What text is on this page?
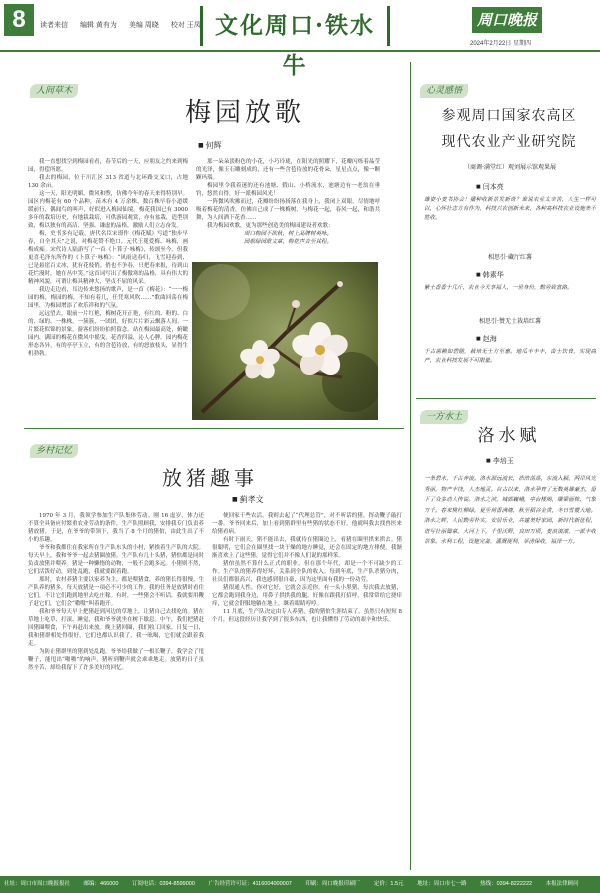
8	读者来信 编辑 黄有为 美编 周晓 校对 王凤 文化周口·铁水牛
周口晚报
2024年2月22日 星期四
人间草木
梅园放歌
■ 何辉

我一直想找空到梅园看看，春节后的一天，应朋友之约来到梅园，得偿所愿。

我去的梅园，位于川汇区 313 省道与北环路交叉口，占地 130 余亩。

这一天，阳光明媚，微风和煦，仿佛今年的春天来得特别早。园区内梅花有 60 个品种，苗木有 4 万余株，数百株早春小道缓缓前行，偶闻鸟的叫声，好似进入梅园仙境。梅花我国已有 3000 多年的栽培历史，有地栽栽培，可供游园观赏，亦有盆栽，造型别致，梅以独有的高洁、坚强、谦虚的品格，激励人们立志奋发。

梅，史书多有记载。唐代名臣宋璟作《梅花赋》写道“独步早春，自全其天”之说，对梅花赞不绝口。元代王冕爱梅、咏梅，画梅成痴。宋代诗人陆游写了一首《卜算子·咏梅》，传颂至今。但我更喜毛泽东所作的《卜算子·咏梅》：“风雨送春归，飞雪迎春到，已是悬崖百丈冰，犹有花枝俏。俏也不争春，只把春来报，待到山花烂漫时，她在丛中笑。”这首词写出了梅傲寒的品格，具有伟大的精神风貌，可谓让梅具精神大，坚贞不屈的风采。

我边走边看，耳边传来悠扬的歌声，是一首《梅花》：“一一梅园的梅，梅园的梅，不知有着几，任凭寒风吹……”歌曲回荡在梅园里，为梅园增添了欢乐祥和的气氛。

远远望去，眼前一片红艳，梅树花开正艳，有红的、粉的、白的、绿的，一株株，一簇簇，一团团，好似片片彩云飘落人间。一片繁花似锦的景象，游客们纷纷拍照留念。站在梅园最高处，俯瞰园内，满园的梅花在微风中摇曳，花香四溢，沁人心脾。园内梅花形态各异，有的亭亭玉立，有的含苞待放，有的怒放枝头，显得生机勃勃。

那一朵朵淡粉色的小花，小巧玲珑，在阳光的照耀下，花瓣闪烁着晶莹的光泽，像玉石雕刻成的，还有一些含苞待放的花骨朵，星星点点，像一颗颗玛瑙。

梅园里令我着迷的还有池塘、假山、小桥流水，池塘边有一老翁在垂钓，悠然自得，好一派梅园风光！

一阵微风吹拂而过，花瓣纷纷扬扬落在我身上，我闭上双眼，尽情地呼吸着梅花的清香，仿佛自己成了一株梅树，与梅花一起，春风一起，和谐共舞，为人间洒下花香……

我为梅园欢歌，更为那些创造美的梅园建设者欢歌：

周口梅园不欲秋，树上品牌树英咏。

园歌绿园歌文章，梅花声音至其程。

乡村记忆
放猪趣事
■ 蓟孝文

1970 年 3 月，我领学参加生产队集体劳动。刚 16 虚岁，体力还不算全具备应付繁重农业劳动的条件，生产队照顾我，安排我专门负责养猪放猪。于是，在爷爷的带领下，我当了 8 个月的猪倌，由此生出了不小的乐趣。

爷爷和我都住在我家所在生产队东头的小村，紧挨着生产队的大院。每天早上，我和爷爷一起去猪圈放猪。生产队有几十头猪，猪倌都是同时负责放猪并喂养。猪是一种懒惰的动物，一般不会跑多远。小猪则不然，它们活泼好动，到处乱跑，我就要跟着跑。

那时，农村养猪主要以家养为主，都是喂猪食，养的猪长得很慢。生产队养的猪多，每天放猪是一项必不可少的工作。我的任务是放猪时看住它们，不让它们跑到地里去吃庄稼。有时，一些猪会不听话，我就要用鞭子赶它们，它们会“嗷嗷”叫着跑开。

我和爷爷每天早上把猪赶到河边的草地上，让猪自己去找吃的。猪在草地上吃草、打滚、睡觉，我和爷爷就坐在树下歇息。中午，我们把猪赶回猪圈喂食，下午再赶出来放。晚上猪回圈，我们收工回家。日复一日，我和猪群相处得很好，它们也都认识我了，我一吆喝，它们就会跟着我走。

为防止猪群里的猪到处乱跑，爷爷给我做了一根长鞭子，我学会了甩鞭子，能甩出“啪啪”的响声，猪听到鞭声就会乖乖地走。放猪的日子虽然辛苦，却给我留下了许多美好的回忆。

便回家干些农活，我则去起了“代理总管”，对不听话的猪，挥动鞭子敲打一番。爷爷回来后，加上看到猪群里有些猪的状态不好，他就叫我去找兽医来给猪看病。

有时下雨天，猪不能出去，我就待在猪圈边上，看猪在圈里拱来拱去。猪很聪明，它们会在圈里找一块干燥的地方睡觉，还会在固定的地方排便。我渐渐喜欢上了这些猪，觉得它们并不像人们说的那样笨。

猪倌虽然不算什么正式的职业，但在那个年代，却是一个不可缺少的工作。生产队的猪养得好坏，关系到全队的收入。每到年底，生产队杀猪分肉，社员们都很高兴，我也感到很自豪，因为这里面有我的一份功劳。

猪很通人性，你对它好，它就会亲近你。有一头小黑猪，每次我去放猪，它都会跑到我身边，用鼻子拱拱我的腿，好像在跟我打招呼。我常常给它挠痒痒，它就会舒服地躺在地上，眯着眼睛哼哼。

11 月底，生产队决定由专人养猪，我的猪倌生涯结束了。虽然只有短短 8 个月，但这段经历让我学到了很多东西，也让我懂得了劳动的艰辛和快乐。

心灵感悟
参观周口国家农高区
现代农业产业研究院
（商调·满堂红）观刘展示馆观果展
■ 闫本亮
雄姿小麦书协会！播种收新景发新奇？谁说农业太辛苦，人生一样可以，心怀壮志方有作为，科技兴农创新未来，各种高科技农业设施美不胜收。
相思引·藏厅红薯
■ 韩素华
紫土香香十几斤，农业今天享福人，一世身份，勤劳致富路。
相思引·赞无土栽培红薯
■ 赵海
千古需赖如碧随，栽培无土方至惠。地瓜丰丰丰，苗土饮食，实现高产，农业科技发展不可限量。
一方水土
洛水赋
■ 李培玉
一条碧水，千古奔流。洛水源远流长，浩浩荡荡，东流入颍。两岸风光秀丽，物产丰饶，人杰地灵。自古以来，洛水孕育了无数英雄豪杰，留下了众多动人传说。洛水之滨，城郭巍峨，亭台楼阁，雕梁画栋，气象万千。春来桃红柳绿，夏至荷香满塘，秋至稻谷金黄，冬日雪覆大地。洛水之畔，人民勤劳朴实，安居乐业，共建美好家园，新时代新征程，谱写壮丽篇章。大河上下，千里沃野，良田万顷，麦浪滚滚，一派丰收景象。水利工程，设施完备，灌溉便利，旱涝保收，福泽一方。
社址：周口市周口晚报报社 邮编：466000 订阅电话：0394-8599000 广告经营许可证：4116004000007 印刷：周口晚报印刷厂 定价：1.5元 地址：周口市七一路 热线：0394-8222222 本报法律顾问
